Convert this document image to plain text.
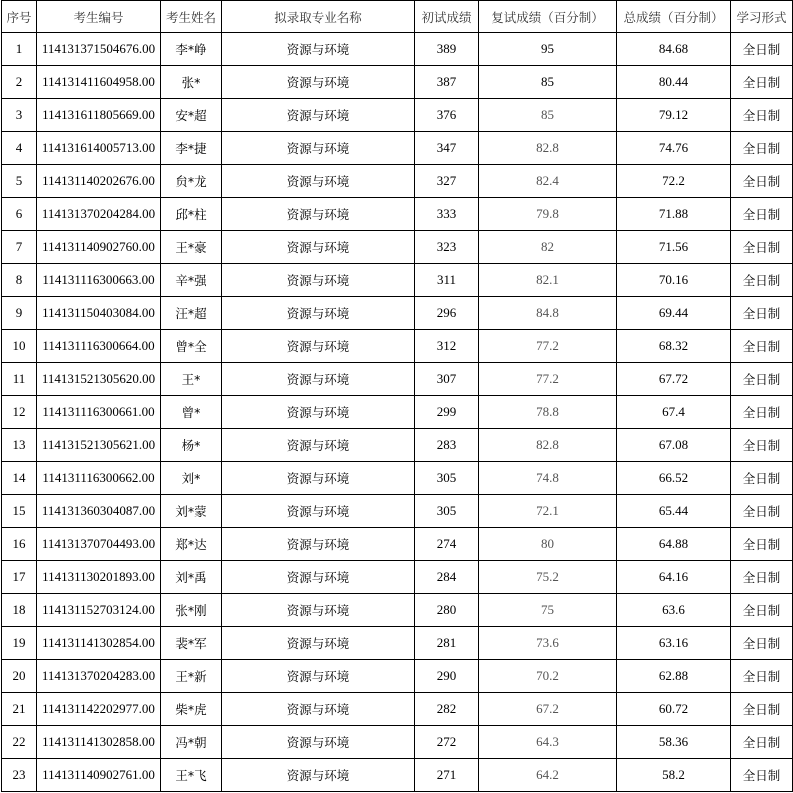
序号	考生编号	考生姓名	拟录取专业名称	初试成绩	复试成绩（百分制）	总成绩（百分制）	学习形式
1	114131371504676.00	李*峥	资源与环境	389	95	84.68	全日制
2	114131411604958.00	张*	资源与环境	387	85	80.44	全日制
3	114131611805669.00	安*超	资源与环境	376	85	79.12	全日制
4	114131614005713.00	李*捷	资源与环境	347	82.8	74.76	全日制
5	114131140202676.00	贠*龙	资源与环境	327	82.4	72.2	全日制
6	114131370204284.00	邱*柱	资源与环境	333	79.8	71.88	全日制
7	114131140902760.00	王*豪	资源与环境	323	82	71.56	全日制
8	114131116300663.00	辛*强	资源与环境	311	82.1	70.16	全日制
9	114131150403084.00	汪*超	资源与环境	296	84.8	69.44	全日制
10	114131116300664.00	曾*全	资源与环境	312	77.2	68.32	全日制
11	114131521305620.00	王*	资源与环境	307	77.2	67.72	全日制
12	114131116300661.00	曾*	资源与环境	299	78.8	67.4	全日制
13	114131521305621.00	杨*	资源与环境	283	82.8	67.08	全日制
14	114131116300662.00	刘*	资源与环境	305	74.8	66.52	全日制
15	114131360304087.00	刘*蒙	资源与环境	305	72.1	65.44	全日制
16	114131370704493.00	郑*达	资源与环境	274	80	64.88	全日制
17	114131130201893.00	刘*禹	资源与环境	284	75.2	64.16	全日制
18	114131152703124.00	张*刚	资源与环境	280	75	63.6	全日制
19	114131141302854.00	裴*军	资源与环境	281	73.6	63.16	全日制
20	114131370204283.00	王*新	资源与环境	290	70.2	62.88	全日制
21	114131142202977.00	柴*虎	资源与环境	282	67.2	60.72	全日制
22	114131141302858.00	冯*朝	资源与环境	272	64.3	58.36	全日制
23	114131140902761.00	王*飞	资源与环境	271	64.2	58.2	全日制
